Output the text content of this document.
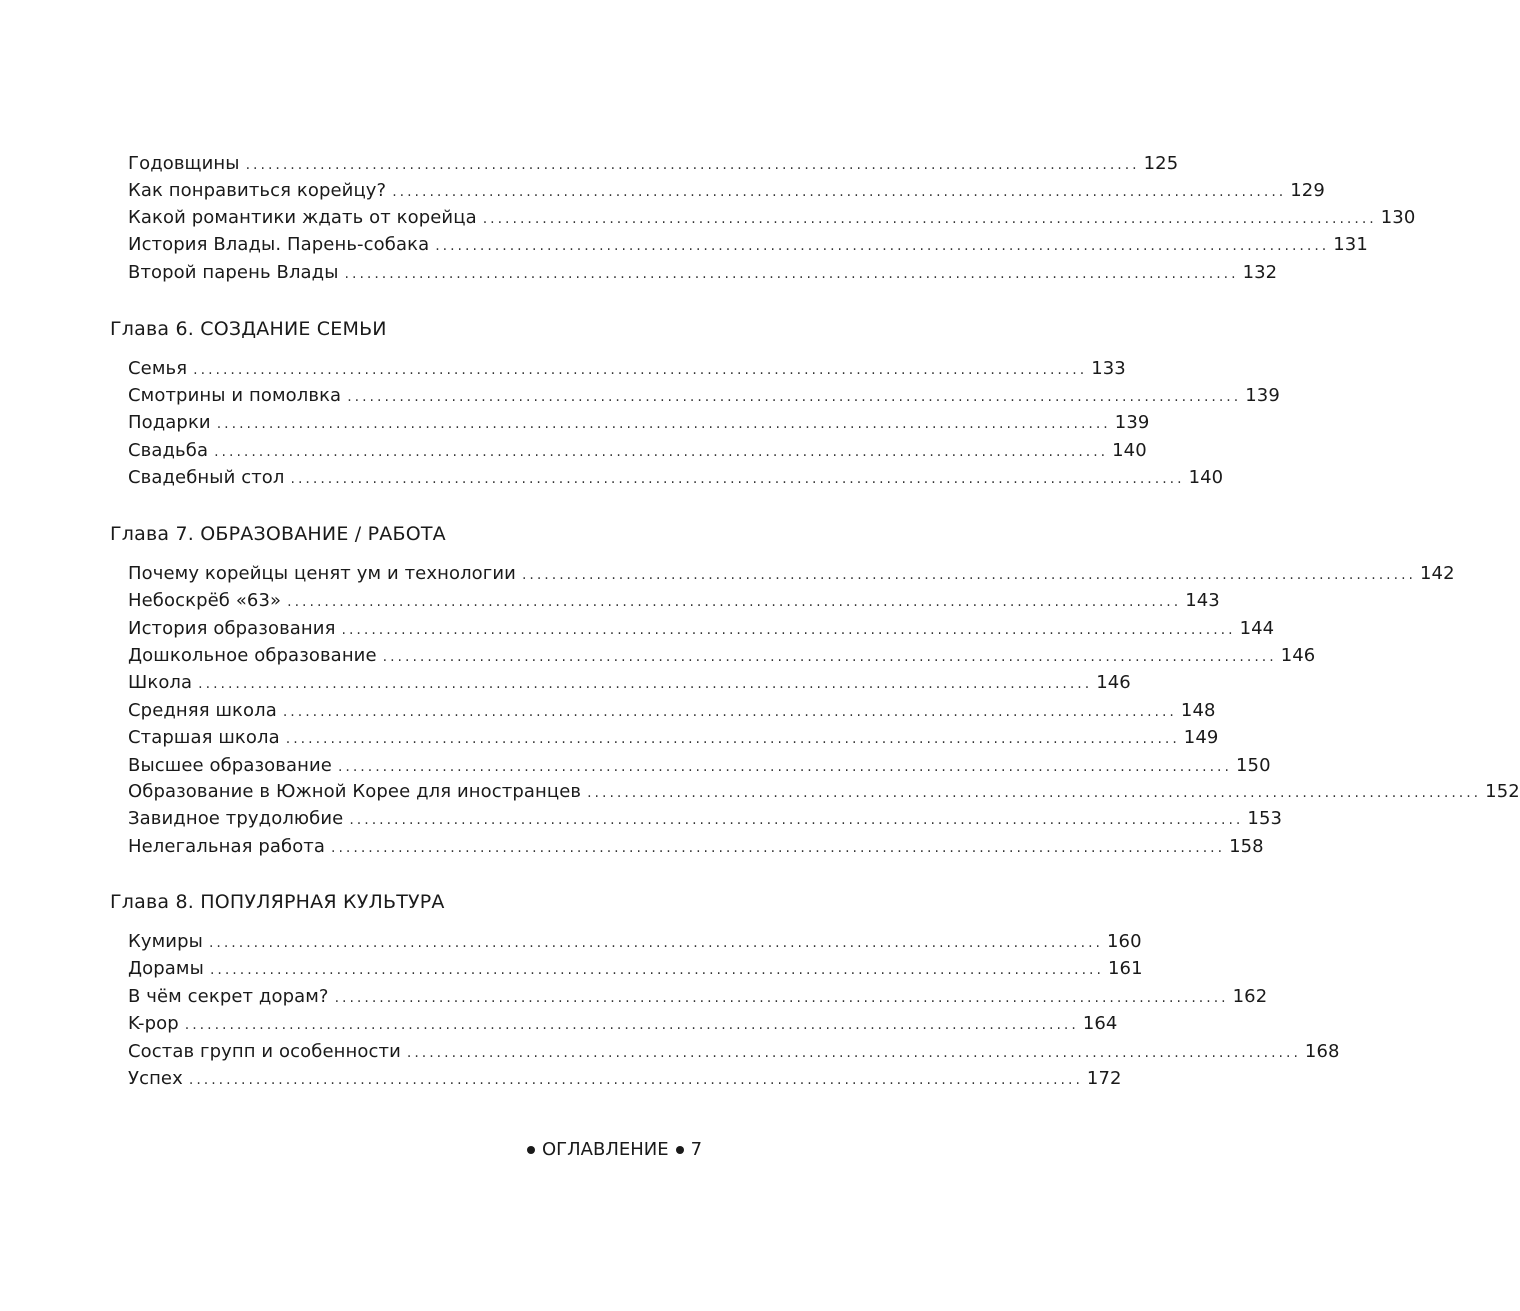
Годовщины ........................................................................................................................ 125
Как понравиться корейцу? ........................................................................................................................ 129
Какой романтики ждать от корейца ........................................................................................................................ 130
История Влады. Парень-собака ........................................................................................................................ 131
Второй парень Влады ........................................................................................................................ 132
Глава 6. СОЗДАНИЕ СЕМЬИ
Семья ........................................................................................................................ 133
Смотрины и помолвка ........................................................................................................................ 139
Подарки ........................................................................................................................ 139
Свадьба ........................................................................................................................ 140
Свадебный стол ........................................................................................................................ 140
Глава 7. ОБРАЗОВАНИЕ / РАБОТА
Почему корейцы ценят ум и технологии ........................................................................................................................ 142
Небоскрёб «63» ........................................................................................................................ 143
История образования ........................................................................................................................ 144
Дошкольное образование ........................................................................................................................ 146
Школа ........................................................................................................................ 146
Средняя школа ........................................................................................................................ 148
Старшая школа ........................................................................................................................ 149
Высшее образование ........................................................................................................................ 150
Образование в Южной Корее для иностранцев ........................................................................................................................ 152
Завидное трудолюбие ........................................................................................................................ 153
Нелегальная работа ........................................................................................................................ 158
Глава 8. ПОПУЛЯРНАЯ КУЛЬТУРА
Кумиры ........................................................................................................................ 160
Дорамы ........................................................................................................................ 161
В чём секрет дорам? ........................................................................................................................ 162
K-pop ........................................................................................................................ 164
Состав групп и особенности ........................................................................................................................ 168
Успех ........................................................................................................................ 172
ОГЛАВЛЕНИЕ 7
